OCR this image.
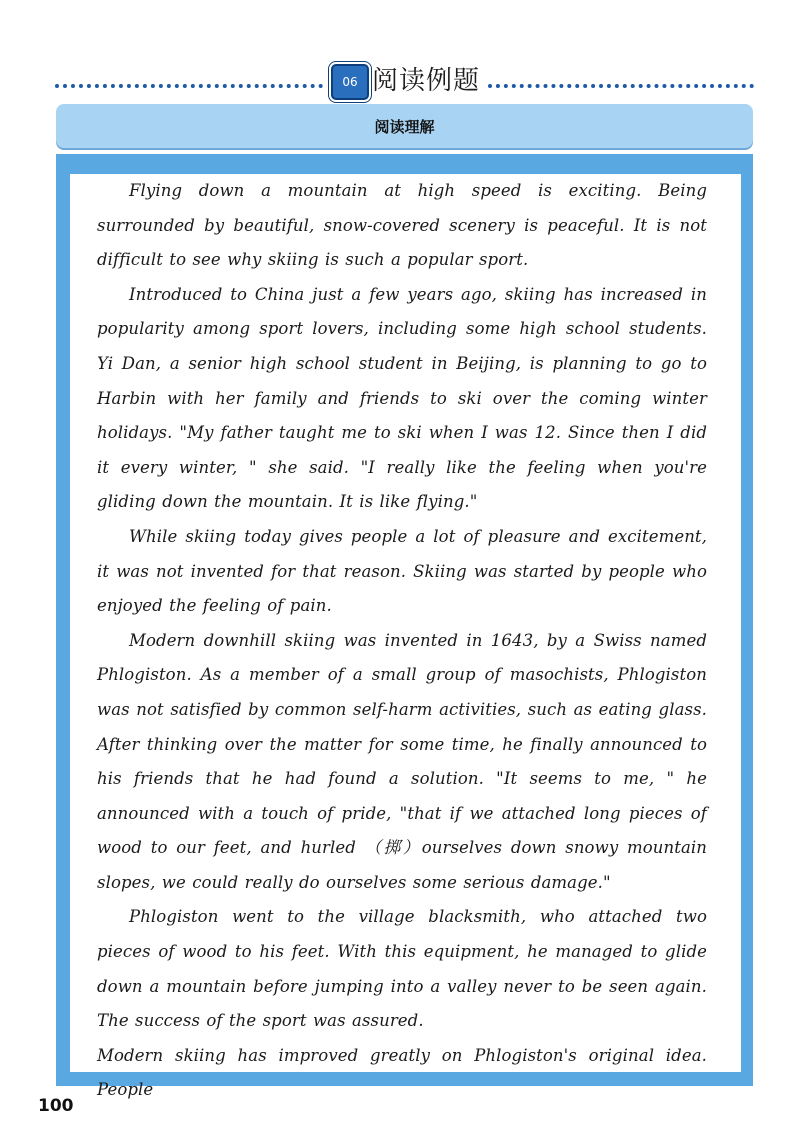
06 阅读例题
阅读理解

Flying down a mountain at high speed is exciting. Being surrounded by beautiful, snow-covered scenery is peaceful. It is not difficult to see why skiing is such a popular sport.

Introduced to China just a few years ago, skiing has increased in popularity among sport lovers, including some high school students. Yi Dan, a senior high school student in Beijing, is planning to go to Harbin with her family and friends to ski over the coming winter holidays. "My father taught me to ski when I was 12. Since then I did it every winter, " she said. "I really like the feeling when you're gliding down the mountain. It is like flying."

While skiing today gives people a lot of pleasure and excitement, it was not invented for that reason. Skiing was started by people who enjoyed the feeling of pain.

Modern downhill skiing was invented in 1643, by a Swiss named Phlogiston. As a member of a small group of masochists, Phlogiston was not satisfied by common self-harm activities, such as eating glass. After thinking over the matter for some time, he finally announced to his friends that he had found a solution. "It seems to me, " he announced with a touch of pride, "that if we attached long pieces of wood to our feet, and hurled （掷）ourselves down snowy mountain slopes, we could really do ourselves some serious damage."

Phlogiston went to the village blacksmith, who attached two pieces of wood to his feet. With this equipment, he managed to glide down a mountain before jumping into a valley never to be seen again. The success of the sport was assured.

Modern skiing has improved greatly on Phlogiston's original idea. People

100
